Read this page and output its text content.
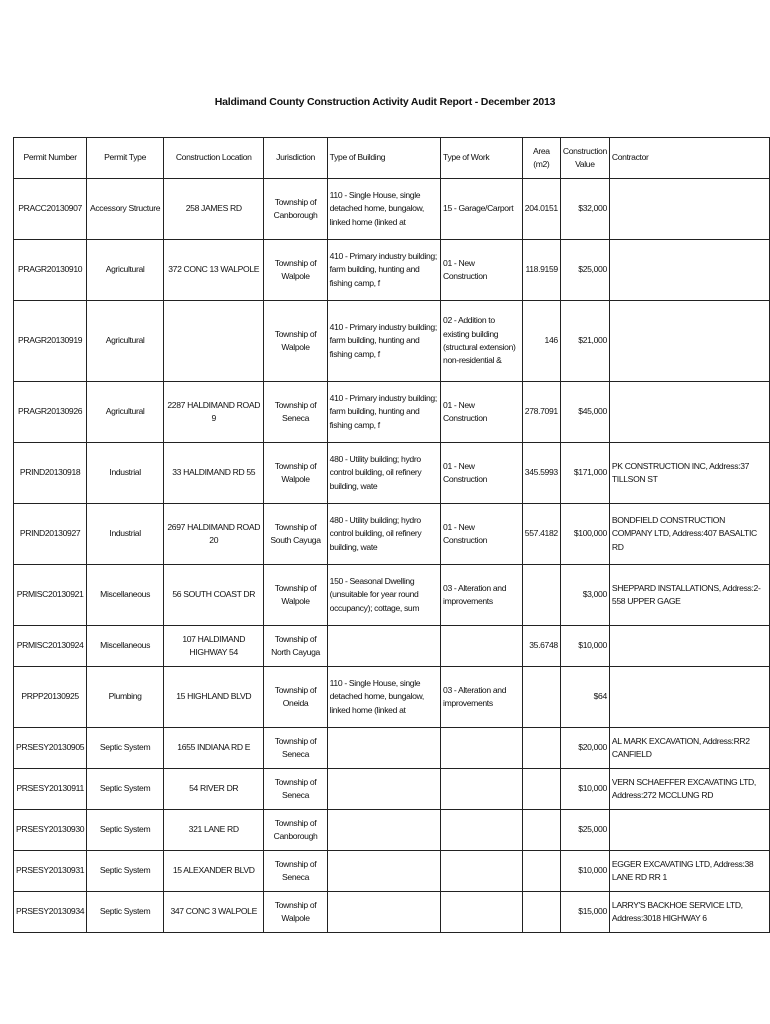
Haldimand County Construction Activity Audit Report - December 2013
Permit Number	Permit Type	Construction Location	Jurisdiction	Type of Building	Type of Work	Area (m2)	Construction Value	Contractor
PRACC20130907	Accessory Structure	258 JAMES RD	Township of Canborough	110 - Single House, single detached home, bungalow, linked home (linked at	15 - Garage/Carport	204.0151	$32,000	
PRAGR20130910	Agricultural	372 CONC 13 WALPOLE	Township of Walpole	410 - Primary industry building; farm building, hunting and fishing camp, f	01 - New Construction	118.9159	$25,000	
PRAGR20130919	Agricultural		Township of Walpole	410 - Primary industry building; farm building, hunting and fishing camp, f	02 - Addition to existing building (structural extension) non-residential &	146	$21,000	
PRAGR20130926	Agricultural	2287 HALDIMAND ROAD 9	Township of Seneca	410 - Primary industry building; farm building, hunting and fishing camp, f	01 - New Construction	278.7091	$45,000	
PRIND20130918	Industrial	33 HALDIMAND RD 55	Township of Walpole	480 - Utility building; hydro control building, oil refinery building, wate	01 - New Construction	345.5993	$171,000	PK CONSTRUCTION INC, Address:37 TILLSON ST
PRIND20130927	Industrial	2697 HALDIMAND ROAD 20	Township of South Cayuga	480 - Utility building; hydro control building, oil refinery building, wate	01 - New Construction	557.4182	$100,000	BONDFIELD CONSTRUCTION COMPANY LTD, Address:407 BASALTIC RD
PRMISC20130921	Miscellaneous	56 SOUTH COAST DR	Township of Walpole	150 - Seasonal Dwelling (unsuitable for year round occupancy); cottage, sum	03 - Alteration and improvements		$3,000	SHEPPARD INSTALLATIONS, Address:2-558 UPPER GAGE
PRMISC20130924	Miscellaneous	107 HALDIMAND HIGHWAY 54	Township of North Cayuga			35.6748	$10,000	
PRPP20130925	Plumbing	15 HIGHLAND BLVD	Township of Oneida	110 - Single House, single detached home, bungalow, linked home (linked at	03 - Alteration and improvements		$64	
PRSESY20130905	Septic System	1655 INDIANA RD E	Township of Seneca				$20,000	AL MARK EXCAVATION, Address:RR2 CANFIELD
PRSESY20130911	Septic System	54 RIVER DR	Township of Seneca				$10,000	VERN SCHAEFFER EXCAVATING LTD, Address:272 MCCLUNG RD
PRSESY20130930	Septic System	321 LANE RD	Township of Canborough				$25,000	
PRSESY20130931	Septic System	15 ALEXANDER BLVD	Township of Seneca				$10,000	EGGER EXCAVATING LTD, Address:38 LANE RD RR 1
PRSESY20130934	Septic System	347 CONC 3 WALPOLE	Township of Walpole				$15,000	LARRY'S BACKHOE SERVICE LTD, Address:3018 HIGHWAY 6
